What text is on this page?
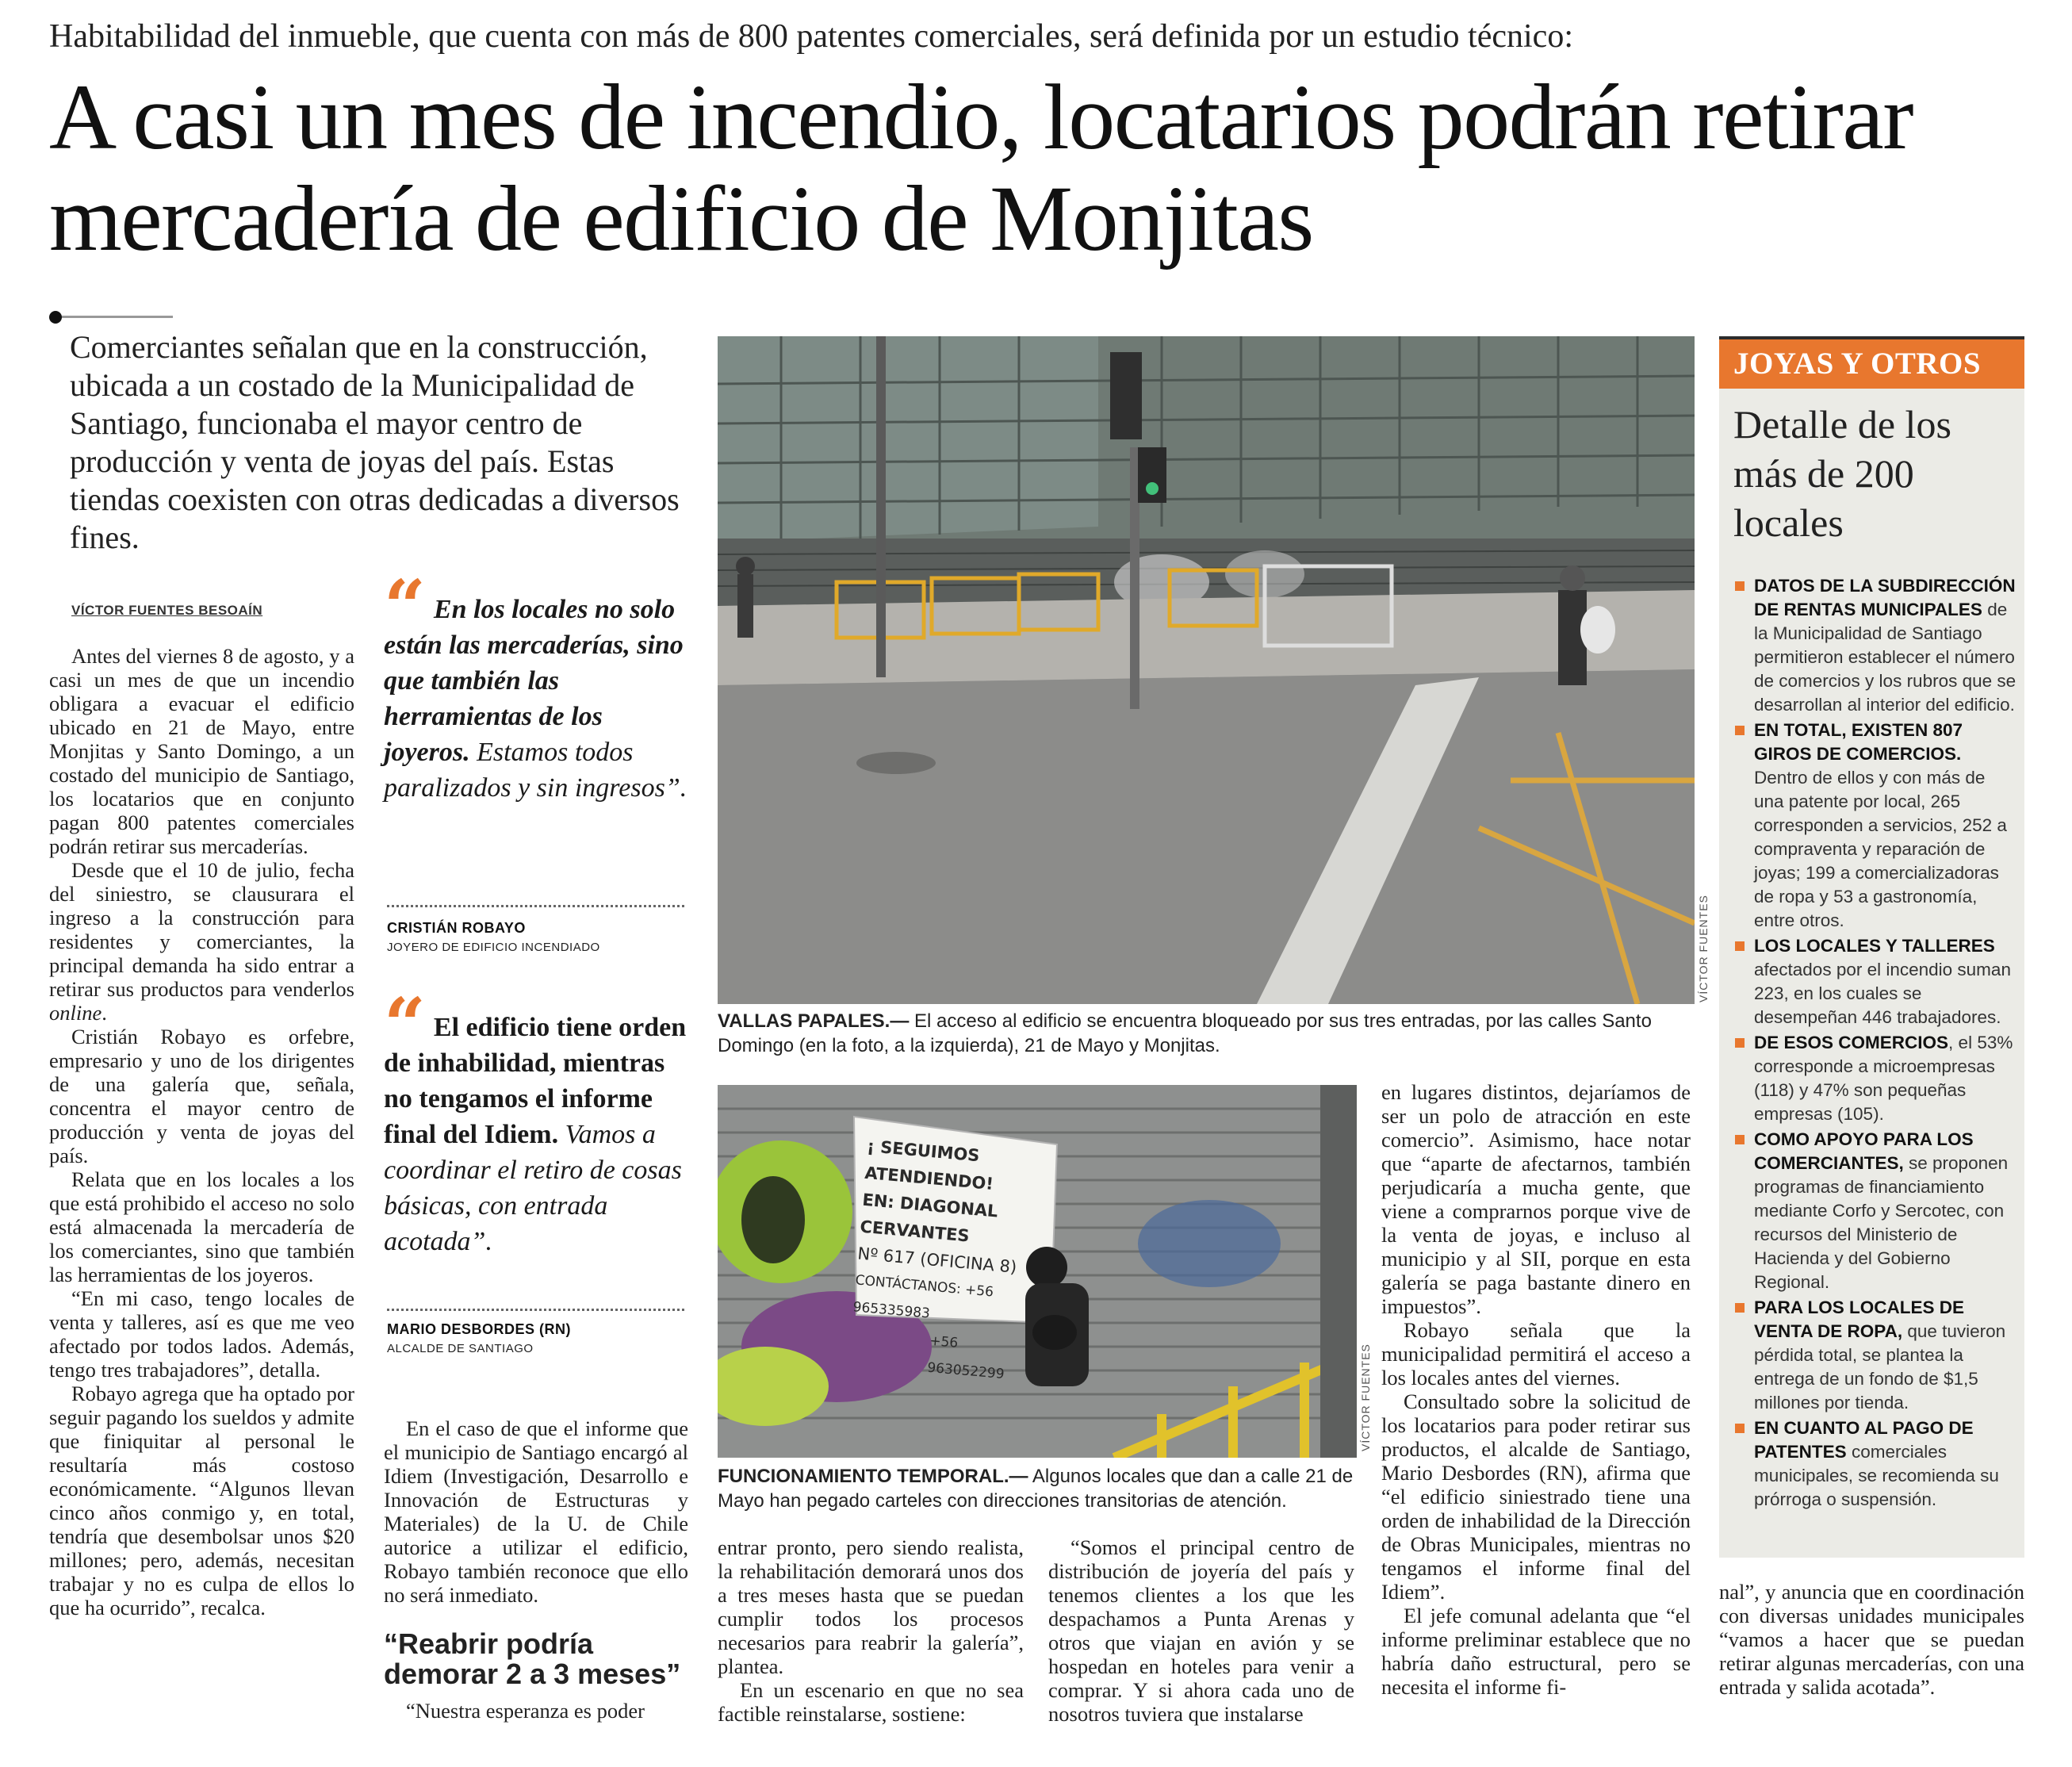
Habitabilidad del inmueble, que cuenta con más de 800 patentes comerciales, será definida por un estudio técnico:
A casi un mes de incendio, locatarios podrán retirar mercadería de edificio de Monjitas
Comerciantes señalan que en la construcción, ubicada a un costado de la Municipalidad de Santiago, funcionaba el mayor centro de producción y venta de joyas del país. Estas tiendas coexisten con otras dedicadas a diversos fines.
VÍCTOR FUENTES BESOAÍN

Antes del viernes 8 de agosto, y a casi un mes de que un incendio obligara a evacuar el edificio ubicado en 21 de Mayo, entre Monjitas y Santo Domingo, a un costado del municipio de Santiago, los locatarios que en conjunto pagan 800 patentes comerciales podrán retirar sus mercaderías.

Desde que el 10 de julio, fecha del siniestro, se clausurara el ingreso a la construcción para residentes y comerciantes, la principal demanda ha sido entrar a retirar sus productos para venderlos online.

Cristián Robayo es orfebre, empresario y uno de los dirigentes de una galería que, señala, concentra el mayor centro de producción y venta de joyas del país.

Relata que en los locales a los que está prohibido el acceso no solo está almacenada la mercadería de los comerciantes, sino que también las herramientas de los joyeros.

“En mi caso, tengo locales de venta y talleres, así es que me veo afectado por todos lados. Además, tengo tres trabajadores”, detalla.

Robayo agrega que ha optado por seguir pagando los sueldos y admite que finiquitar al personal le resultaría más costoso económicamente. “Algunos llevan cinco años conmigo y, en total, tendría que desembolsar unos $20 millones; pero, además, necesitan trabajar y no es culpa de ellos lo que ha ocurrido”, recalca.

“ En los locales no solo están las mercaderías, sino que también las herramientas de los joyeros. Estamos todos paralizados y sin ingresos”.
CRISTIÁN ROBAYO
JOYERO DE EDIFICIO INCENDIADO
“ El edificio tiene orden de inhabilidad, mientras no tengamos el informe final del Idiem. Vamos a coordinar el retiro de cosas básicas, con entrada acotada”.
MARIO DESBORDES (RN)
ALCALDE DE SANTIAGO

En el caso de que el informe que el municipio de Santiago encargó al Idiem (Investigación, Desarrollo e Innovación de Estructuras y Materiales) de la U. de Chile autorice a utilizar el edificio, Robayo también reconoce que ello no será inmediato.

“Reabrir podría demorar 2 a 3 meses”

“Nuestra esperanza es poder

VÍCTOR FUENTES
VALLAS PAPALES.— El acceso al edificio se encuentra bloqueado por sus tres entradas, por las calles Santo Domingo (en la foto, a la izquierda), 21 de Mayo y Monjitas.
¡ SEGUIMOS ATENDIENDO!
EN: DIAGONAL CERVANTES
Nº 617 (OFICINA 8)
CONTÁCTANOS: +56 965335983
+56 963052299	VÍCTOR FUENTES
FUNCIONAMIENTO TEMPORAL.— Algunos locales que dan a calle 21 de Mayo han pegado carteles con direcciones transitorias de atención.

entrar pronto, pero siendo realista, la rehabilitación demorará unos dos a tres meses hasta que se puedan cumplir todos los procesos necesarios para reabrir la galería”, plantea.

En un escenario en que no sea factible reinstalarse, sostiene:

“Somos el principal centro de distribución de joyería del país y tenemos clientes a los que les despachamos a Punta Arenas y otros que viajan en avión y se hospedan en hoteles para venir a comprar. Y si ahora cada uno de nosotros tuviera que instalarse

en lugares distintos, dejaríamos de ser un polo de atracción en este comercio”. Asimismo, hace notar que “aparte de afectarnos, también perjudicaría a mucha gente, que viene a comprarnos porque vive de la venta de joyas, e incluso al municipio y al SII, porque en esta galería se paga bastante dinero en impuestos”.

Robayo señala que la municipalidad permitirá el acceso a los locales antes del viernes.

Consultado sobre la solicitud de los locatarios para poder retirar sus productos, el alcalde de Santiago, Mario Desbordes (RN), afirma que “el edificio siniestrado tiene una orden de inhabilidad de la Dirección de Obras Municipales, mientras no tengamos el informe final del Idiem”.

El jefe comunal adelanta que “el informe preliminar establece que no habría daño estructural, pero se necesita el informe fi-

JOYAS Y OTROS
Detalle de los más de 200 locales
DATOS DE LA SUBDIRECCIÓN DE RENTAS MUNICIPALES de la Municipalidad de Santiago permitieron establecer el número de comercios y los rubros que se desarrollan al interior del edificio.
EN TOTAL, EXISTEN 807 GIROS DE COMERCIOS. Dentro de ellos y con más de una patente por local, 265 corresponden a servicios, 252 a compraventa y reparación de joyas; 199 a comercializadoras de ropa y 53 a gastronomía, entre otros.
LOS LOCALES Y TALLERES afectados por el incendio suman 223, en los cuales se desempeñan 446 trabajadores.
DE ESOS COMERCIOS, el 53% corresponde a microempresas (118) y 47% son pequeñas empresas (105).
COMO APOYO PARA LOS COMERCIANTES, se proponen programas de financiamiento mediante Corfo y Sercotec, con recursos del Ministerio de Hacienda y del Gobierno Regional.
PARA LOS LOCALES DE VENTA DE ROPA, que tuvieron pérdida total, se plantea la entrega de un fondo de $1,5 millones por tienda.
EN CUANTO AL PAGO DE PATENTES comerciales municipales, se recomienda su prórroga o suspensión.

nal”, y anuncia que en coordinación con diversas unidades municipales “vamos a hacer que se puedan retirar algunas mercaderías, con una entrada y salida acotada”.
